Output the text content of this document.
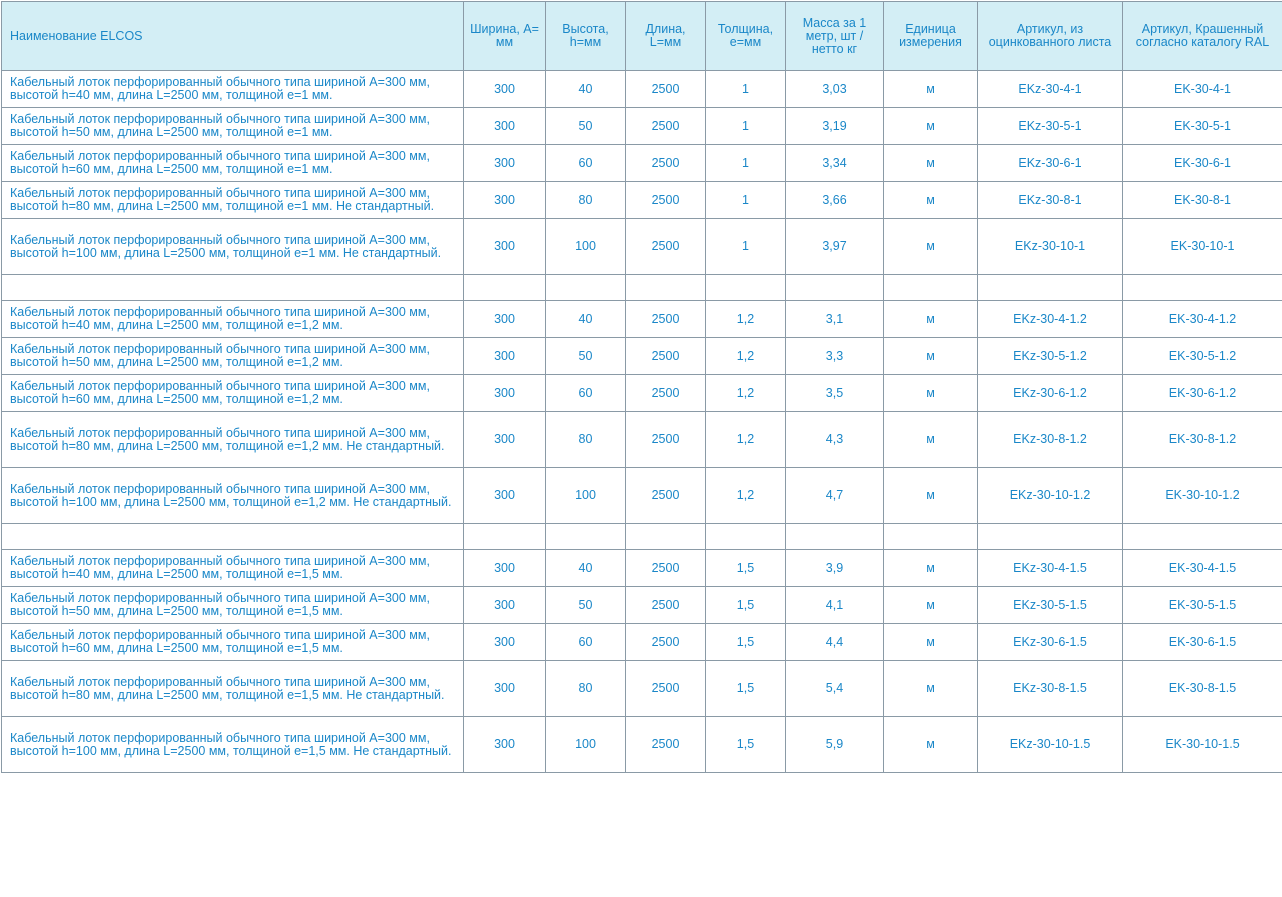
Наименование ELCOS	Ширина, А= мм	Высота, h=мм	Длина, L=мм	Толщина, e=мм	Масса за 1 метр, шт / нетто кг	Единица измерения	Артикул, из оцинкованного листа	Артикул, Крашенный согласно каталогу RAL
Кабельный лоток перфорированный обычного типа шириной А=300 мм, высотой h=40 мм, длина L=2500 мм, толщиной e=1 мм.	300	40	2500	1	3,03	м	EKz-30-4-1	EK-30-4-1
Кабельный лоток перфорированный обычного типа шириной А=300 мм, высотой h=50 мм, длина L=2500 мм, толщиной e=1 мм.	300	50	2500	1	3,19	м	EKz-30-5-1	EK-30-5-1
Кабельный лоток перфорированный обычного типа шириной А=300 мм, высотой h=60 мм, длина L=2500 мм, толщиной e=1 мм.	300	60	2500	1	3,34	м	EKz-30-6-1	EK-30-6-1
Кабельный лоток перфорированный обычного типа шириной А=300 мм, высотой h=80 мм, длина L=2500 мм, толщиной e=1 мм. Не стандартный.	300	80	2500	1	3,66	м	EKz-30-8-1	EK-30-8-1
Кабельный лоток перфорированный обычного типа шириной А=300 мм, высотой h=100 мм, длина L=2500 мм, толщиной e=1 мм. Не стандартный.	300	100	2500	1	3,97	м	EKz-30-10-1	EK-30-10-1

Кабельный лоток перфорированный обычного типа шириной А=300 мм, высотой h=40 мм, длина L=2500 мм, толщиной e=1,2 мм.	300	40	2500	1,2	3,1	м	EKz-30-4-1.2	EK-30-4-1.2
Кабельный лоток перфорированный обычного типа шириной А=300 мм, высотой h=50 мм, длина L=2500 мм, толщиной e=1,2 мм.	300	50	2500	1,2	3,3	м	EKz-30-5-1.2	EK-30-5-1.2
Кабельный лоток перфорированный обычного типа шириной А=300 мм, высотой h=60 мм, длина L=2500 мм, толщиной e=1,2 мм.	300	60	2500	1,2	3,5	м	EKz-30-6-1.2	EK-30-6-1.2
Кабельный лоток перфорированный обычного типа шириной А=300 мм, высотой h=80 мм, длина L=2500 мм, толщиной e=1,2 мм. Не стандартный.	300	80	2500	1,2	4,3	м	EKz-30-8-1.2	EK-30-8-1.2
Кабельный лоток перфорированный обычного типа шириной А=300 мм, высотой h=100 мм, длина L=2500 мм, толщиной e=1,2 мм. Не стандартный.	300	100	2500	1,2	4,7	м	EKz-30-10-1.2	EK-30-10-1.2

Кабельный лоток перфорированный обычного типа шириной А=300 мм, высотой h=40 мм, длина L=2500 мм, толщиной e=1,5 мм.	300	40	2500	1,5	3,9	м	EKz-30-4-1.5	EK-30-4-1.5
Кабельный лоток перфорированный обычного типа шириной А=300 мм, высотой h=50 мм, длина L=2500 мм, толщиной e=1,5 мм.	300	50	2500	1,5	4,1	м	EKz-30-5-1.5	EK-30-5-1.5
Кабельный лоток перфорированный обычного типа шириной А=300 мм, высотой h=60 мм, длина L=2500 мм, толщиной e=1,5 мм.	300	60	2500	1,5	4,4	м	EKz-30-6-1.5	EK-30-6-1.5
Кабельный лоток перфорированный обычного типа шириной А=300 мм, высотой h=80 мм, длина L=2500 мм, толщиной e=1,5 мм. Не стандартный.	300	80	2500	1,5	5,4	м	EKz-30-8-1.5	EK-30-8-1.5
Кабельный лоток перфорированный обычного типа шириной А=300 мм, высотой h=100 мм, длина L=2500 мм, толщиной e=1,5 мм. Не стандартный.	300	100	2500	1,5	5,9	м	EKz-30-10-1.5	EK-30-10-1.5
